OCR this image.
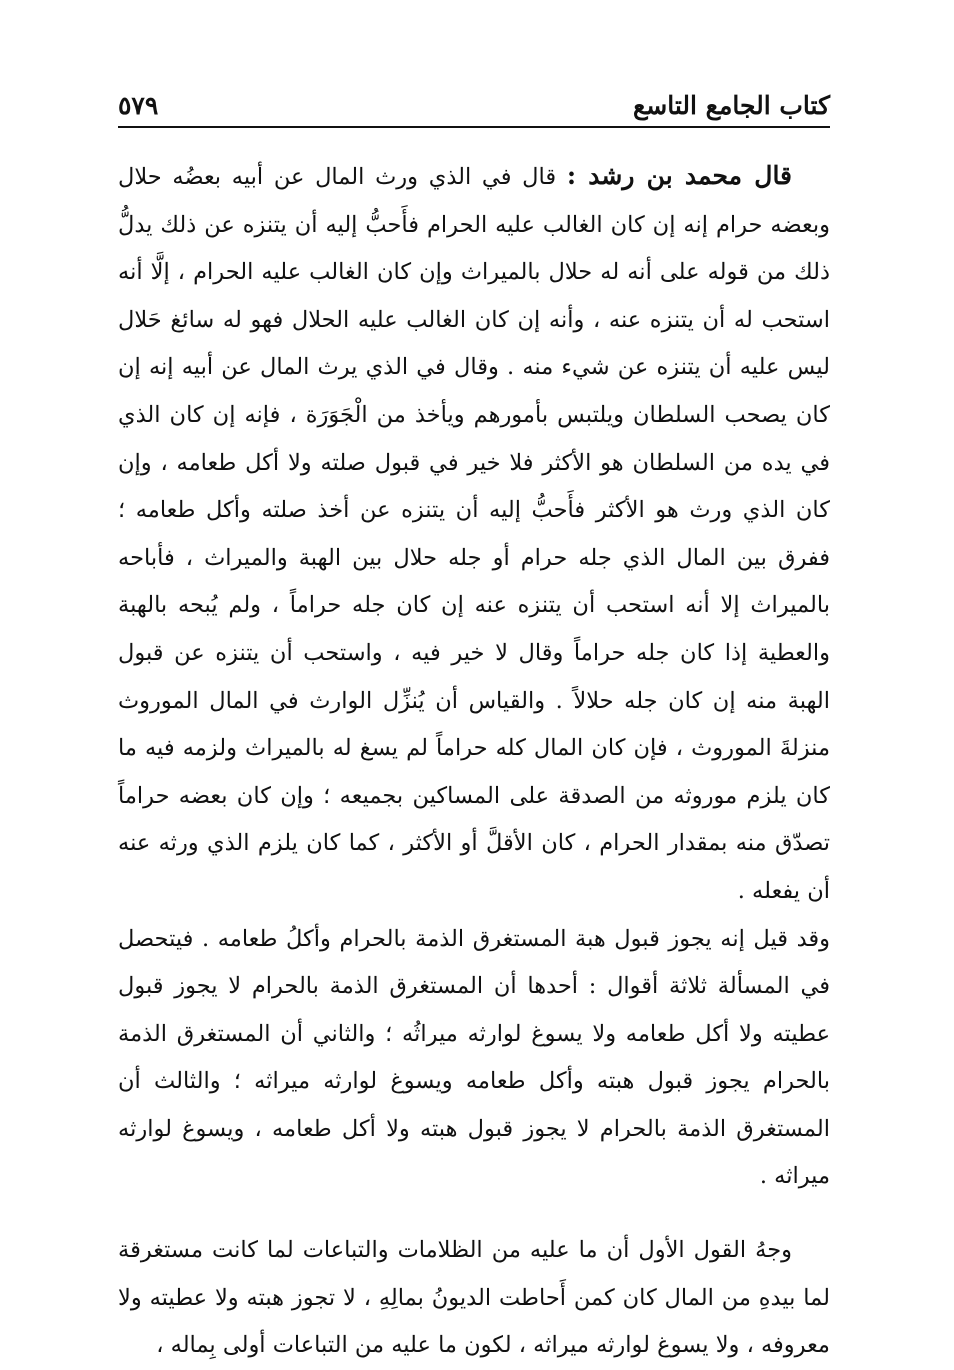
كتاب الجامع التاسع
٥٧٩

قال محمد بن رشد : قال في الذي ورث المال عن أبيه بعضُه حلال وبعضه حرام إنه إن كان الغالب عليه الحرام فأَحبُّ إليه أن يتنزه عن ذلك يدلُّ ذلك من قوله على أنه له حلال بالميراث وإن كان الغالب عليه الحرام ، إلَّا أنه استحب له أن يتنزه عنه ، وأنه إن كان الغالب عليه الحلال فهو له سائغ حَلال ليس عليه أن يتنزه عن شيء منه . وقال في الذي يرث المال عن أبيه إنه إن كان يصحب السلطان ويلتبس بأمورهم ويأخذ من الْجَوَرَة ، فإنه إن كان الذي في يده من السلطان هو الأكثر فلا خير في قبول صلته ولا أكل طعامه ، وإن كان الذي ورث هو الأكثر فأَحبُّ إليه أن يتنزه عن أخذ صلته وأكل طعامه ؛ ففرق بين المال الذي جله حرام أو جله حلال بين الهبة والميراث ، فأباحه بالميراث إلا أنه استحب أن يتنزه عنه إن كان جله حراماً ، ولم يُبحه بالهبة والعطية إذا كان جله حراماً وقال لا خير فيه ، واستحب أن يتنزه عن قبول الهبة منه إن كان جله حلالاً . والقياس أن يُنزِّل الوارث في المال الموروث منزلةَ الموروث ، فإن كان المال كله حراماً لم يسغ له بالميراث ولزمه فيه ما كان يلزم موروثه من الصدقة على المساكين بجميعه ؛ وإن كان بعضه حراماً تصدّق منه بمقدار الحرام ، كان الأقلَّ أو الأكثر ، كما كان يلزم الذي ورثه عنه أن يفعله .

وقد قيل إنه يجوز قبول هبة المستغرق الذمة بالحرام وأكلُ طعامه . فيتحصل في المسألة ثلاثة أقوال : أحدها أن المستغرق الذمة بالحرام لا يجوز قبول عطيته ولا أكل طعامه ولا يسوغ لوارثه ميراثُه ؛ والثاني أن المستغرق الذمة بالحرام يجوز قبول هبته وأكل طعامه ويسوغ لوارثه ميراثه ؛ والثالث أن المستغرق الذمة بالحرام لا يجوز قبول هبته ولا أكل طعامه ، ويسوغ لوارثه ميراثه .

وجهُ القول الأول أن ما عليه من الظلامات والتباعات لما كانت مستغرقة لما بيدهِ من المال كان كمن أَحاطت الديونُ بمالِهِ ، لا تجوز هبته ولا عطيته ولا معروفه ، ولا يسوغ لوارثه ميراثه ، لكون ما عليه من التباعات أولى بِماله ،
